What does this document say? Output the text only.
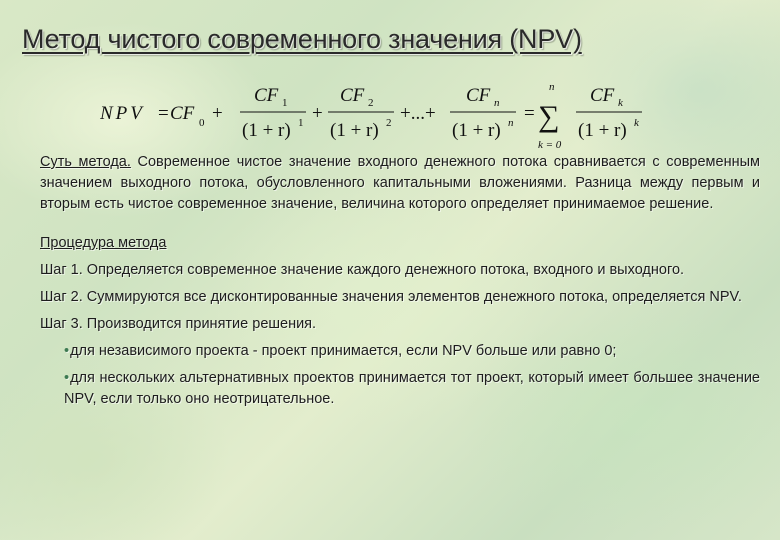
Метод чистого современного значения (NPV)
NPV = CF 0 +
CF 1
(1 + r) 1 +
CF 2
(1 + r) 2 +...+
CF n
(1 + r) n =
n
∑
k = 0
CF k
(1 + r) k

Суть метода. Современное чистое значение входного денежного потока сравнивается с современным значением выходного потока, обусловленного капитальными вложениями. Разница между первым и вторым есть чистое современное значение, величина которого определяет принимаемое решение.

Процедура метода

Шаг 1. Определяется современное значение каждого денежного потока, входного и выходного.

Шаг 2. Суммируются все дисконтированные значения элементов денежного потока, определяется NPV.

Шаг 3. Производится принятие решения.

•для независимого проекта - проект принимается, если NPV больше или равно 0;
•для нескольких альтернативных проектов принимается тот проект, который имеет большее значение NPV, если только оно неотрицательное.
